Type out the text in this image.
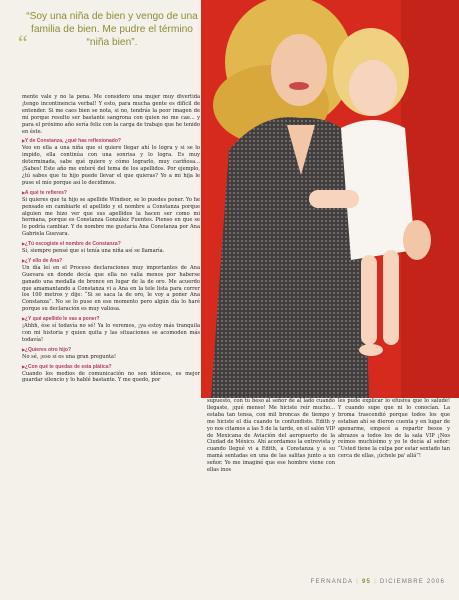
“
“Soy una niña de bien y vengo de una familia de bien. Me pudre el término “niña bien”.

mente vale y no la pena. Me considero una mujer muy divertida ¡tengo incontinencia verbal! Y esto, para mucha gente es difícil de entender. Si me caes bien se nota, si no, tendrás la peor imagen de mí porque resulto ser bastante sangrona con quien no me cae... y para el próximo año sería feliz con la carga de trabajo que he tenido en éste.

▶ Y de Constanza, ¿qué has reflexionado?

Veo en ella a una niña que si quiere llegar ahí lo logra y si se lo impido, ella continúa con una sonrisa y lo logra. Es muy determinada, sabe qué quiere y cómo lograrlo, muy cariñosa... ¡Sabes! Este año me enteré del tema de los apellidos. Por ejemplo, ¿tú sabes que tu hijo puede llevar el que quieras? Yo a mi hija le puse el mío porque así lo decidimos.

▶ A qué te refieres?

Si quieres que tu hijo se apellide Windsor, se lo puedes poner. Yo he pensado en cambiarle el apellido y el nombre a Constanza porque alguien me hizo ver que sus apellidos la hacen ser como mi hermana, porque es Constanza González Fuentes. Pienso en que se lo podría cambiar. Y de nombre me gustaría Ana Constanza por Ana Gabriela Guevara.

▶ ¿Tú escogiste el nombre de Constanza?

Sí, siempre pensé que si tenía una niña así se llamaría.

▶ ¿Y ello de Ana?

Un día leí en el Proceso declaraciones muy importantes de Ana Guevara en donde decía que ella no valía menos por haberse ganado una medalla de bronce en lugar de la de oro. Me acuerdo que amamantando a Constanza vi a Ana en la tele lista para correr los 100 metros y dije: “Si se saca la de oro, le voy a poner Ana Constanza”. No se lo puse en ese momento pero algún día lo haré porque su declaración es muy valiosa.

▶ ¿Y qué apellido le vas a poner?

¡Ahhh, ése sí todavía no sé! Ya lo veremos, ¡ya estoy más tranquila con mi historia y quien quita y las situaciones se acomoden más todavía!

▶ ¿Quieres otro hijo?

No sé, ¡eso sí es una gran pregunta!

▶ ¿Con qué te quedas de esta plática?

Cuando los medios de comunicación no son idóneos, es mejor guardar silencio y lo hablé bastante. Y me quedo, por

supuesto, con tu beso al señor de al lado cuando llegaste, ¡qué menso! Me hiciste reír mucho... estaba tan tensa, con mil broncas de tiempo y me hiciste el día cuando te confundiste. Edith y yo nos citamos a las 5 de la tarde, en el salón VIP de Mexicana de Aviación del aeropuerto de la Ciudad de México. Ahí acordamos la entrevista y cuando llegué vi a Edith, a Constanza y a su mamá sentadas en una de las salitas junto a un señor. Yo me imaginé que ese hombre viene con ellas inos

les pude explicar lo efusiva que lo saludé! Y cuando supe que ni lo conocían. La broma trascendió porque todos los que estaban ahí se dieron cuenta y en lugar de apenarme, empecé a repartir besos y abrazos a todos los de la sala VIP ¡Nos reímos muchísimo y yo le decía al señor: “Usted tiene la culpa por estar sentado tan cerca de ellas, ¡úchele pa' allá”!

FERNANDA | 95 | DICIEMBRE 2006
